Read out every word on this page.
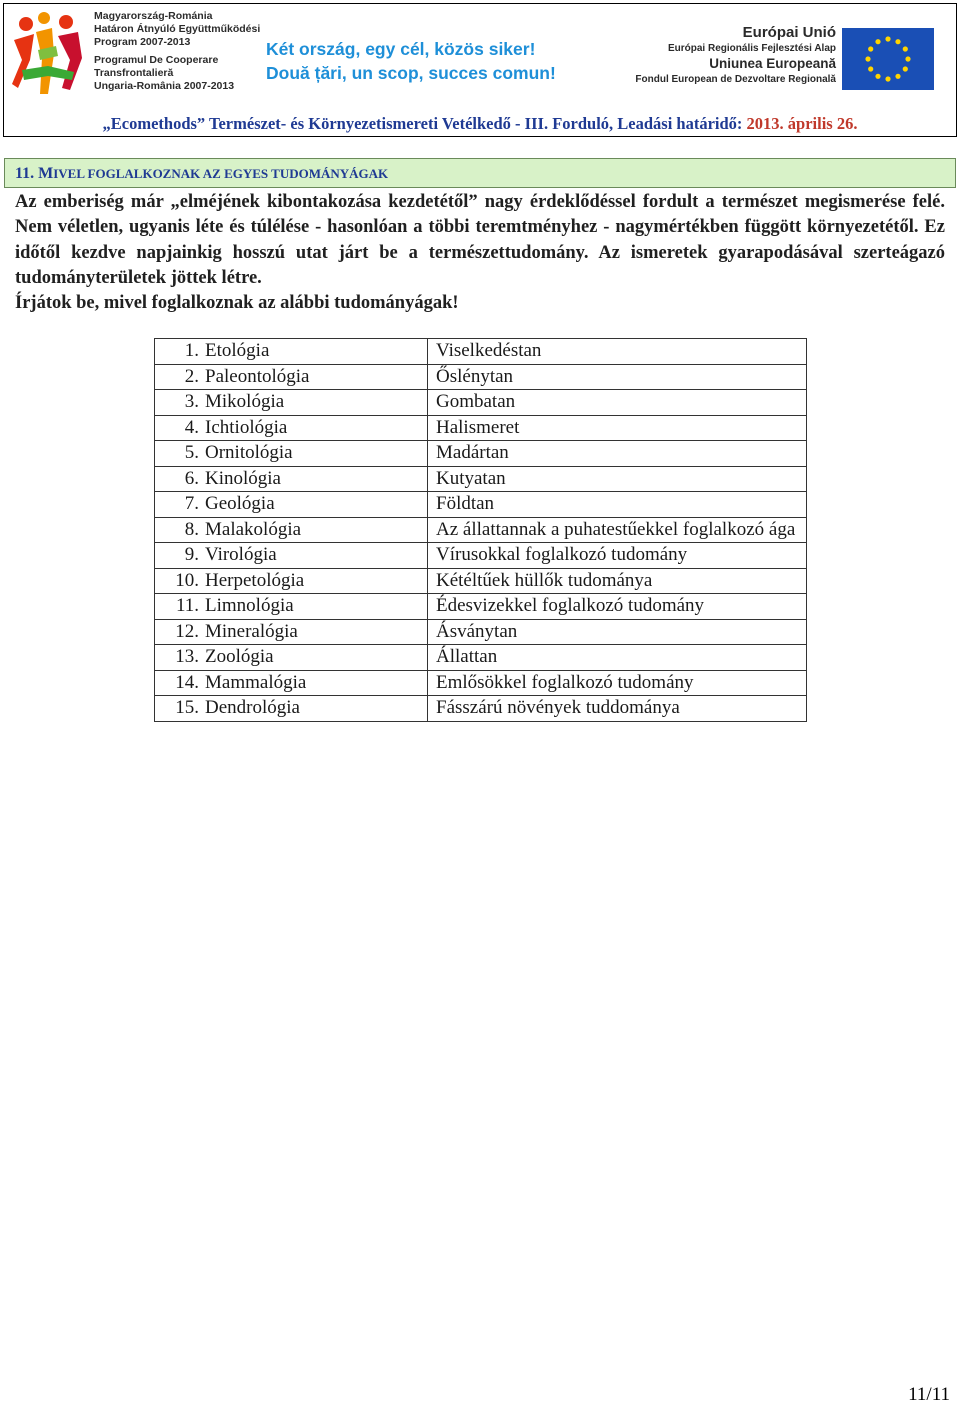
Magyarország-Románia
Határon Átnyúló Együttműködési
Program 2007-2013
Programul De Cooperare
Transfrontalieră
Ungaria-România 2007-2013
Két ország, egy cél, közös siker!
Două țări, un scop, succes comun!
Európai Unió
Európai Regionális Fejlesztési Alap
Uniunea Europeană
Fondul European de Dezvoltare Regională
„Ecomethods” Természet- és Környezetismereti Vetélkedő - III. Forduló, Leadási határidő: 2013. április 26.
11. MIVEL FOGLALKOZNAK AZ EGYES TUDOMÁNYÁGAK
Az emberiség már „elméjének kibontakozása kezdetétől” nagy érdeklődéssel fordult a természet megismerése felé. Nem véletlen, ugyanis léte és túlélése - hasonlóan a többi teremtményhez - nagymértékben függött környezetétől. Ez időtől kezdve napjainkig hosszú utat járt be a természettudomány. Az ismeretek gyarapodásával szerteágazó tudományterületek jöttek létre.
Írjátok be, mivel foglalkoznak az alábbi tudományágak!
1. Etológia	Viselkedéstan
2. Paleontológia	Őslénytan
3. Mikológia	Gombatan
4. Ichtiológia	Halismeret
5. Ornitológia	Madártan
6. Kinológia	Kutyatan
7. Geológia	Földtan
8. Malakológia	Az állattannak a puhatestűekkel foglalkozó ága
9. Virológia	Vírusokkal foglalkozó tudomány
10. Herpetológia	Kétéltűek hüllők tudománya
11. Limnológia	Édesvizekkel foglalkozó tudomány
12. Mineralógia	Ásványtan
13. Zoológia	Állattan
14. Mammalógia	Emlősökkel foglalkozó tudomány
15. Dendrológia	Fásszárú növények tuddománya
11/11
